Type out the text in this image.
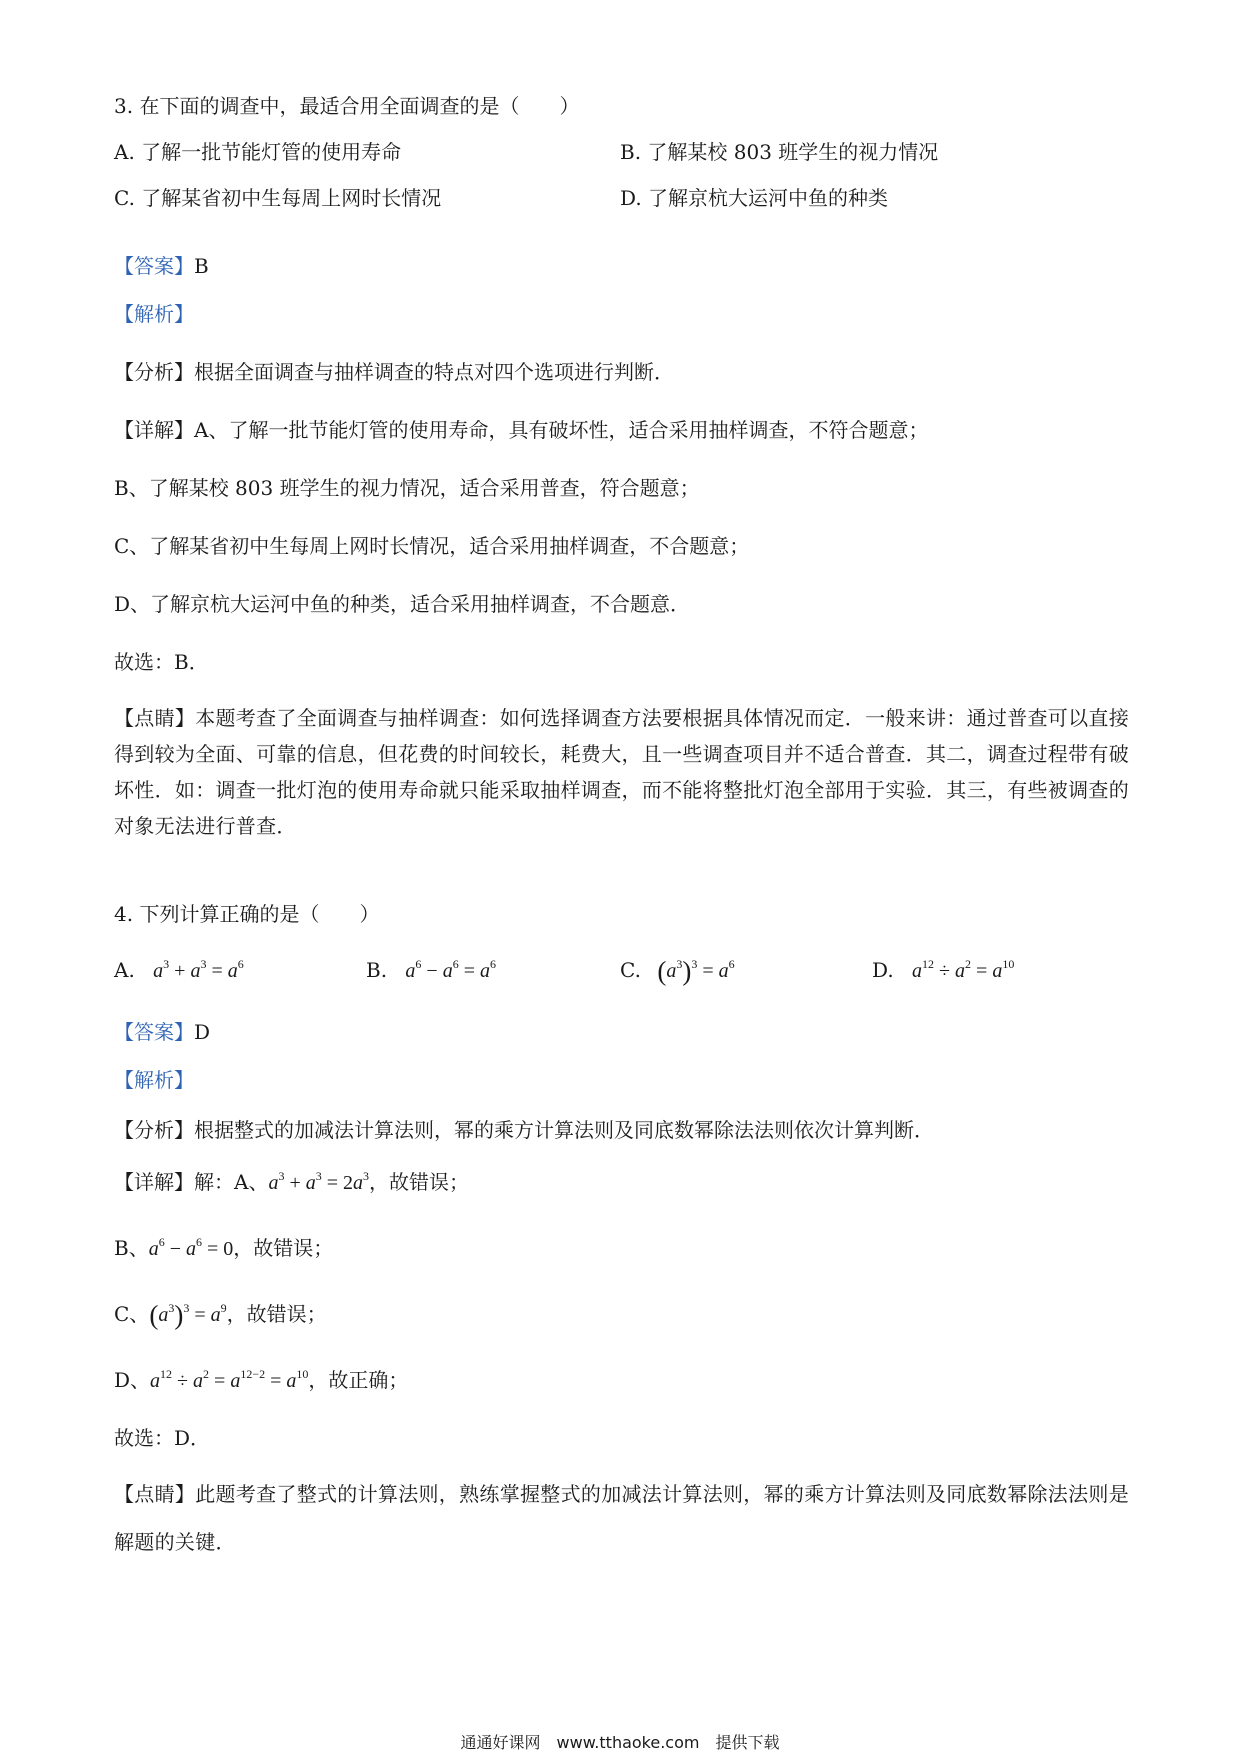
3. 在下面的调查中，最适合用全面调查的是（　　）
A. 了解一批节能灯管的使用寿命	B. 了解某校 803 班学生的视力情况
C. 了解某省初中生每周上网时长情况	D. 了解京杭大运河中鱼的种类
【答案】B
【解析】
【分析】根据全面调查与抽样调查的特点对四个选项进行判断．
【详解】A、了解一批节能灯管的使用寿命，具有破坏性，适合采用抽样调查，不符合题意；
B、了解某校 803 班学生的视力情况，适合采用普查，符合题意；
C、了解某省初中生每周上网时长情况，适合采用抽样调查，不合题意；
D、了解京杭大运河中鱼的种类，适合采用抽样调查，不合题意．
故选：B．
【点睛】本题考查了全面调查与抽样调查：如何选择调查方法要根据具体情况而定．一般来讲：通过普查可以直接得到较为全面、可靠的信息，但花费的时间较长，耗费大，且一些调查项目并不适合普查．其二，调查过程带有破坏性．如：调查一批灯泡的使用寿命就只能采取抽样调查，而不能将整批灯泡全部用于实验．其三，有些被调查的对象无法进行普查．
4. 下列计算正确的是（　　）
A. $a^3 + a^3 = a^6$	B. $a^6 - a^6 = a^6$	C. $(a^3)^3 = a^6$	D. $a^{12} \div a^2 = a^{10}$
【答案】D
【解析】
【分析】根据整式的加减法计算法则，幂的乘方计算法则及同底数幂除法法则依次计算判断．
【详解】解：A、$a^3 + a^3 = 2a^3$，故错误；
B、$a^6 - a^6 = 0$，故错误；
C、$(a^3)^3 = a^9$，故错误；
D、$a^{12} \div a^2 = a^{12-2} = a^{10}$，故正确；
故选：D．
【点睛】此题考查了整式的计算法则，熟练掌握整式的加减法计算法则，幂的乘方计算法则及同底数幂除法法则是解题的关键．
通通好课网　www.tthaoke.com　提供下载
